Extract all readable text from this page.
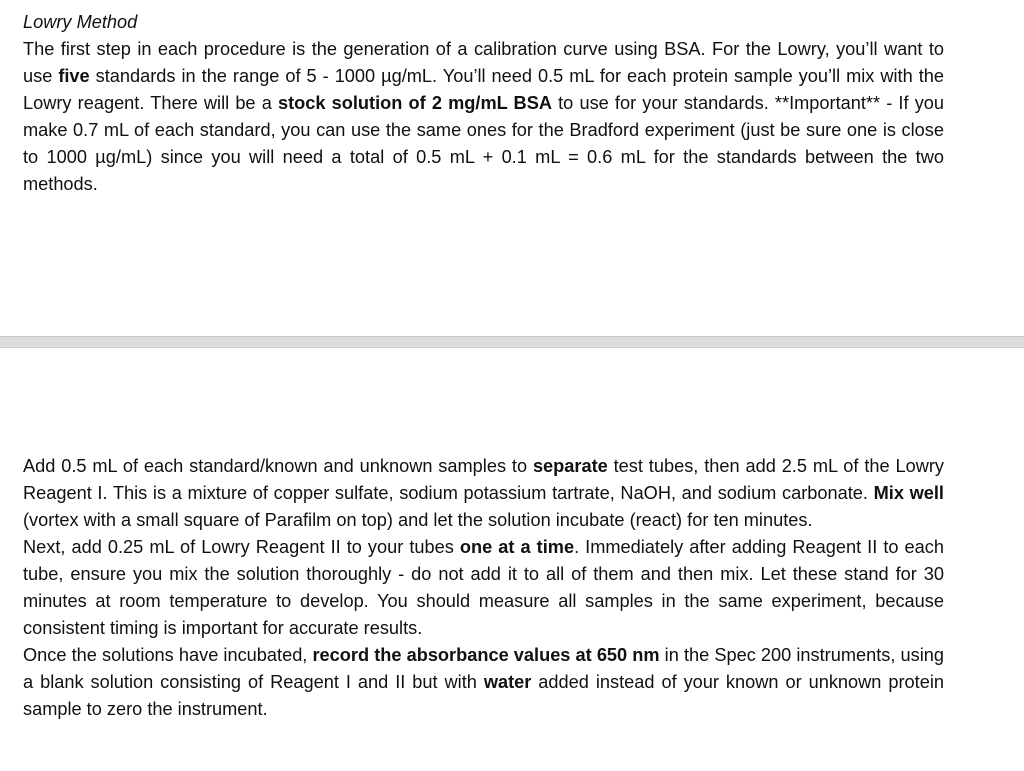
Lowry Method

The first step in each procedure is the generation of a calibration curve using BSA. For the Lowry, you’ll want to use five standards in the range of 5 - 1000 µg/mL. You’ll need 0.5 mL for each protein sample you’ll mix with the Lowry reagent. There will be a stock solution of 2 mg/mL BSA to use for your standards. **Important** - If you make 0.7 mL of each standard, you can use the same ones for the Bradford experiment (just be sure one is close to 1000 µg/mL) since you will need a total of 0.5 mL + 0.1 mL = 0.6 mL for the standards between the two methods.

Add 0.5 mL of each standard/known and unknown samples to separate test tubes, then add 2.5 mL of the Lowry Reagent I. This is a mixture of copper sulfate, sodium potassium tartrate, NaOH, and sodium carbonate. Mix well (vortex with a small square of Parafilm on top) and let the solution incubate (react) for ten minutes.

Next, add 0.25 mL of Lowry Reagent II to your tubes one at a time. Immediately after adding Reagent II to each tube, ensure you mix the solution thoroughly - do not add it to all of them and then mix. Let these stand for 30 minutes at room temperature to develop. You should measure all samples in the same experiment, because consistent timing is important for accurate results.

Once the solutions have incubated, record the absorbance values at 650 nm in the Spec 200 instruments, using a blank solution consisting of Reagent I and II but with water added instead of your known or unknown protein sample to zero the instrument.
